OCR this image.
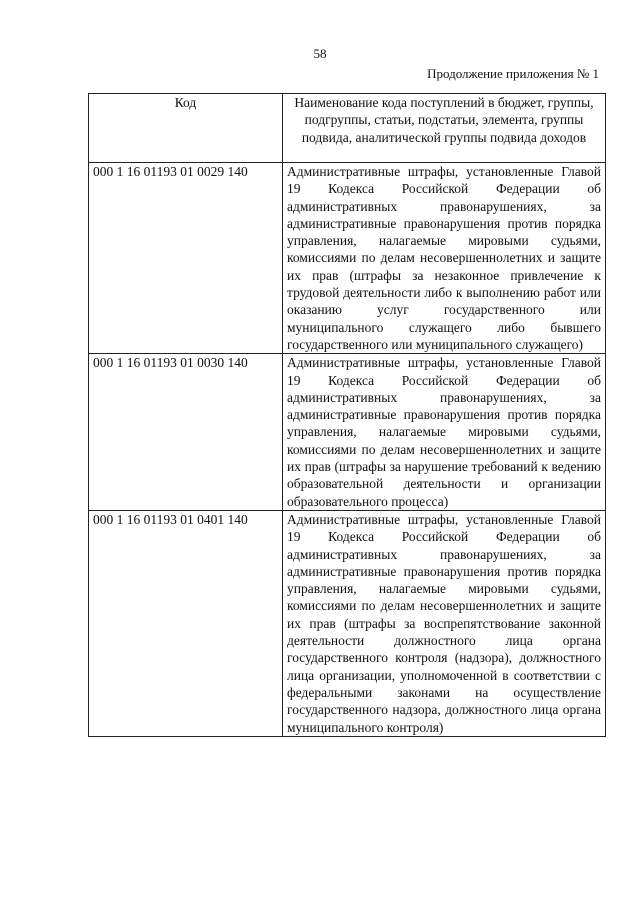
58
Продолжение приложения № 1
Код	Наименование кода поступлений в бюджет, группы, подгруппы, статьи, подстатьи, элемента, группы подвида, аналитической группы подвида доходов
000 1 16 01193 01 0029 140	Административные штрафы, установленные Главой 19 Кодекса Российской Федерации об административных правонарушениях, за административные правонарушения против порядка управления, налагаемые мировыми судьями, комиссиями по делам несовершеннолетних и защите их прав (штрафы за незаконное привлечение к трудовой деятельности либо к выполнению работ или оказанию услуг государственного или муниципального служащего либо бывшего государственного или муниципального служащего)
000 1 16 01193 01 0030 140	Административные штрафы, установленные Главой 19 Кодекса Российской Федерации об административных правонарушениях, за административные правонарушения против порядка управления, налагаемые мировыми судьями, комиссиями по делам несовершеннолетних и защите их прав (штрафы за нарушение требований к ведению образовательной деятельности и организации образовательного процесса)
000 1 16 01193 01 0401 140	Административные штрафы, установленные Главой 19 Кодекса Российской Федерации об административных правонарушениях, за административные правонарушения против порядка управления, налагаемые мировыми судьями, комиссиями по делам несовершеннолетних и защите их прав (штрафы за воспрепятствование законной деятельности должностного лица органа государственного контроля (надзора), должностного лица организации, уполномоченной в соответствии с федеральными законами на осуществление государственного надзора, должностного лица органа муниципального контроля)
